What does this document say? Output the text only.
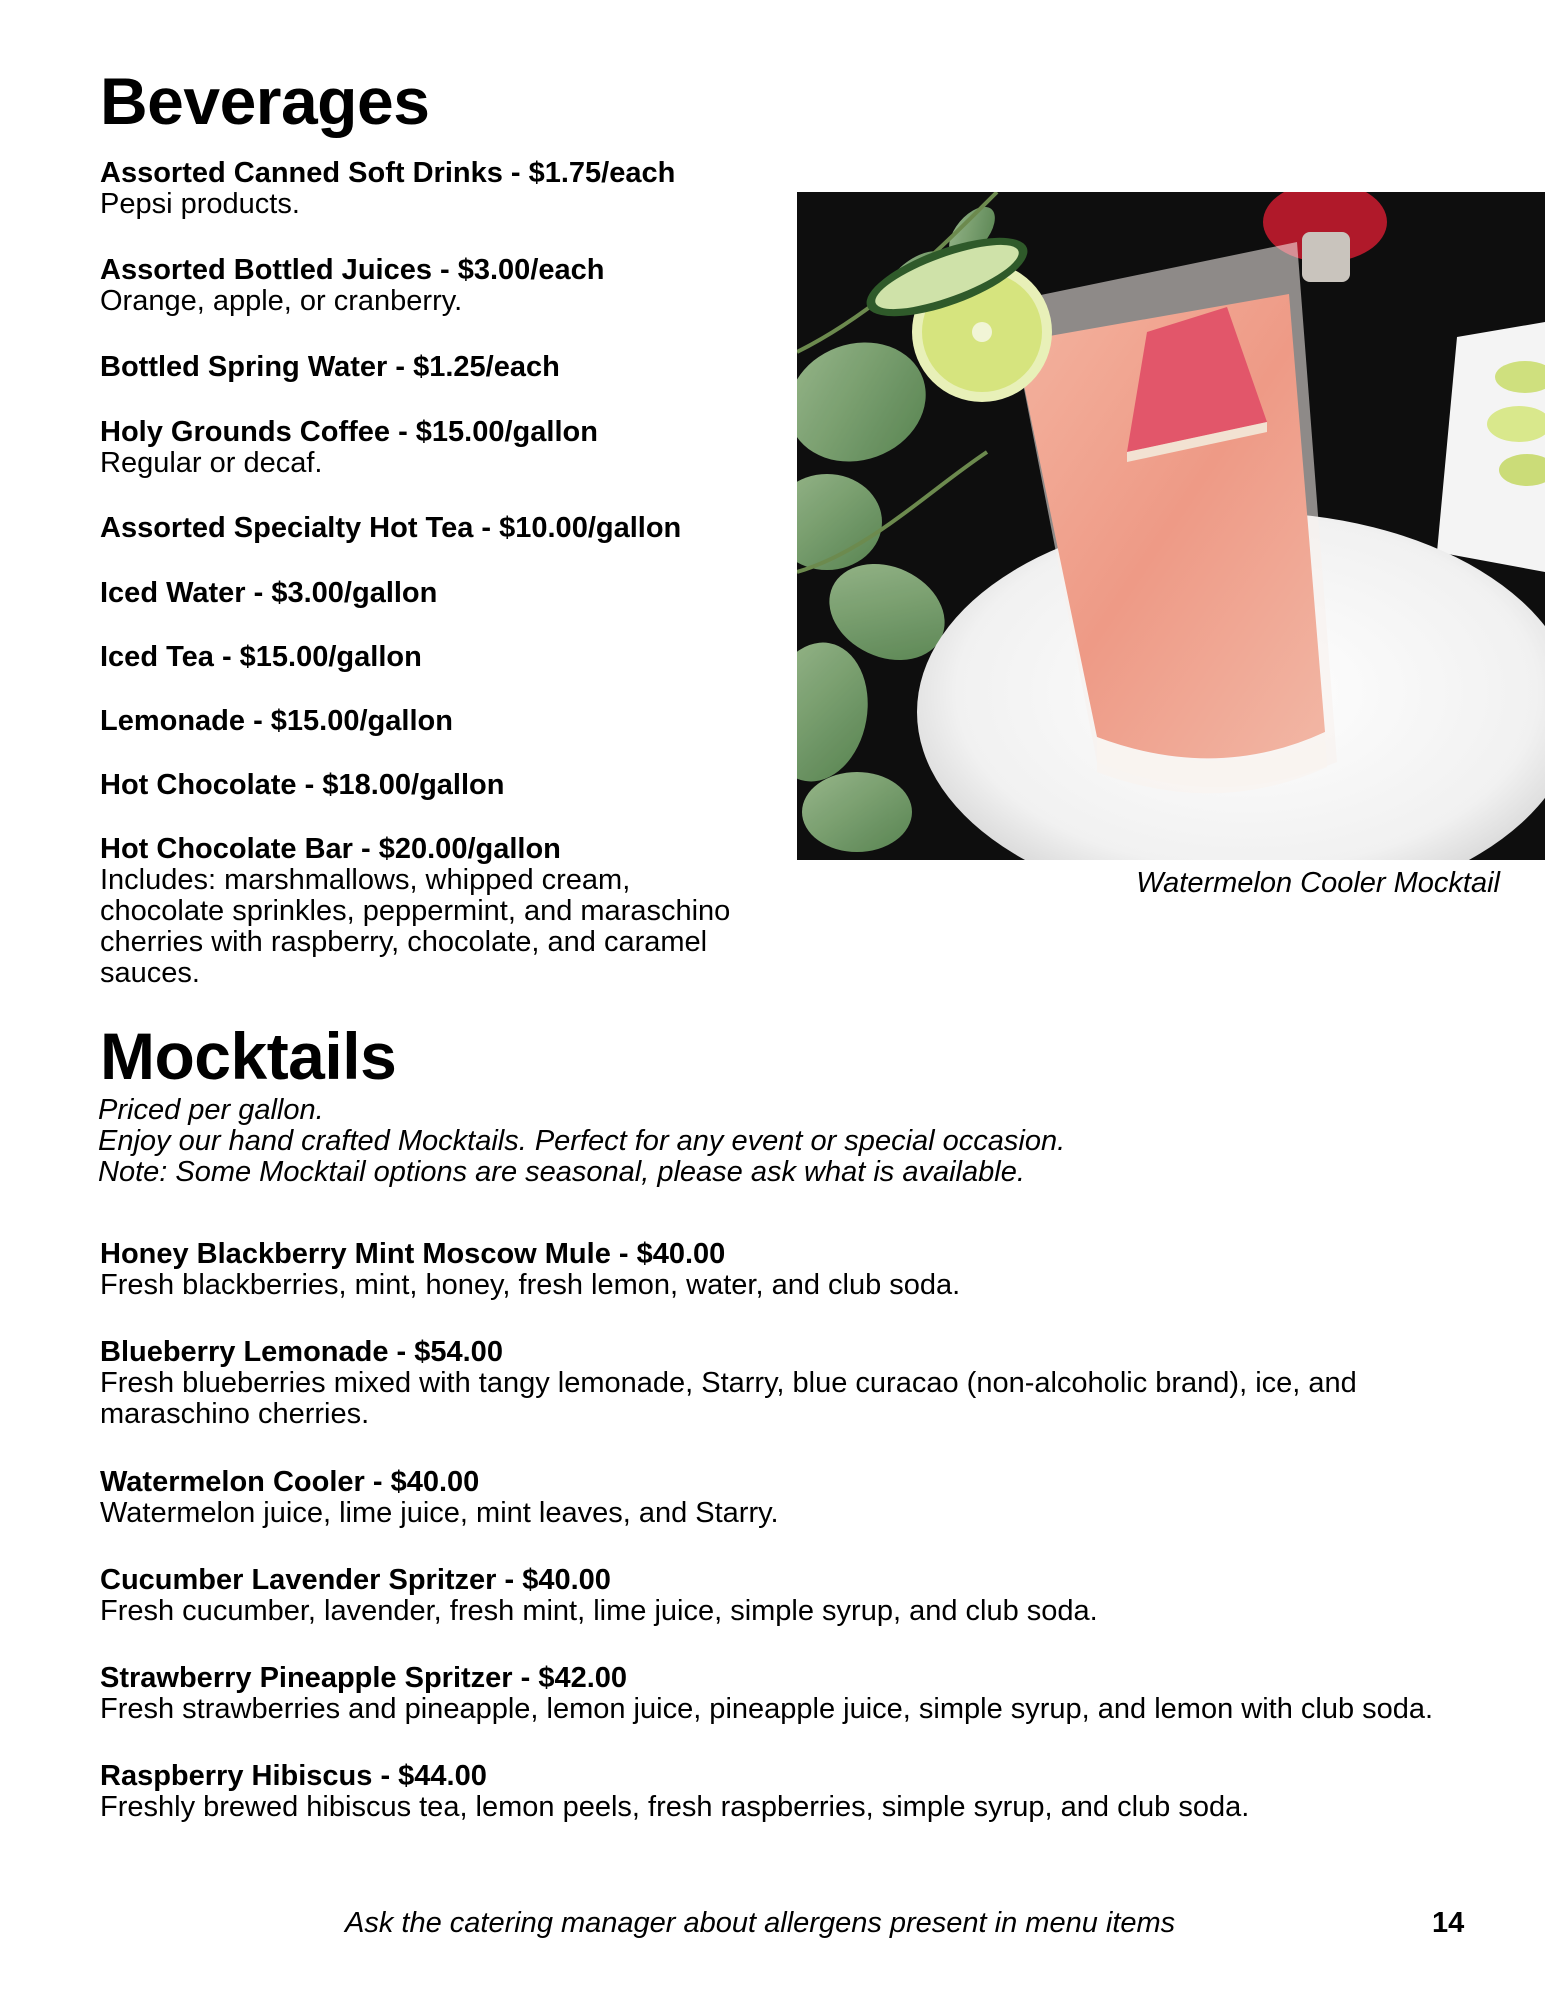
Beverages
Assorted Canned Soft Drinks - $1.75/each
Pepsi products.
Assorted Bottled Juices - $3.00/each
Orange, apple, or cranberry.
Bottled Spring Water - $1.25/each
Holy Grounds Coffee - $15.00/gallon
Regular or decaf.
Assorted Specialty Hot Tea - $10.00/gallon
Iced Water - $3.00/gallon
Iced Tea - $15.00/gallon
Lemonade - $15.00/gallon
Hot Chocolate - $18.00/gallon
Hot Chocolate Bar - $20.00/gallon
Includes: marshmallows, whipped cream,
chocolate sprinkles, peppermint, and maraschino
cherries with raspberry, chocolate, and caramel
sauces.
Watermelon Cooler Mocktail
Mocktails
Priced per gallon.
Enjoy our hand crafted Mocktails. Perfect for any event or special occasion.
Note: Some Mocktail options are seasonal, please ask what is available.
Honey Blackberry Mint Moscow Mule - $40.00
Fresh blackberries, mint, honey, fresh lemon, water, and club soda.
Blueberry Lemonade - $54.00
Fresh blueberries mixed with tangy lemonade, Starry, blue curacao (non-alcoholic brand), ice, and
maraschino cherries.
Watermelon Cooler - $40.00
Watermelon juice, lime juice, mint leaves, and Starry.
Cucumber Lavender Spritzer - $40.00
Fresh cucumber, lavender, fresh mint, lime juice, simple syrup, and club soda.
Strawberry Pineapple Spritzer - $42.00
Fresh strawberries and pineapple, lemon juice, pineapple juice, simple syrup, and lemon with club soda.
Raspberry Hibiscus - $44.00
Freshly brewed hibiscus tea, lemon peels, fresh raspberries, simple syrup, and club soda.
Ask the catering manager about allergens present in menu items	14
